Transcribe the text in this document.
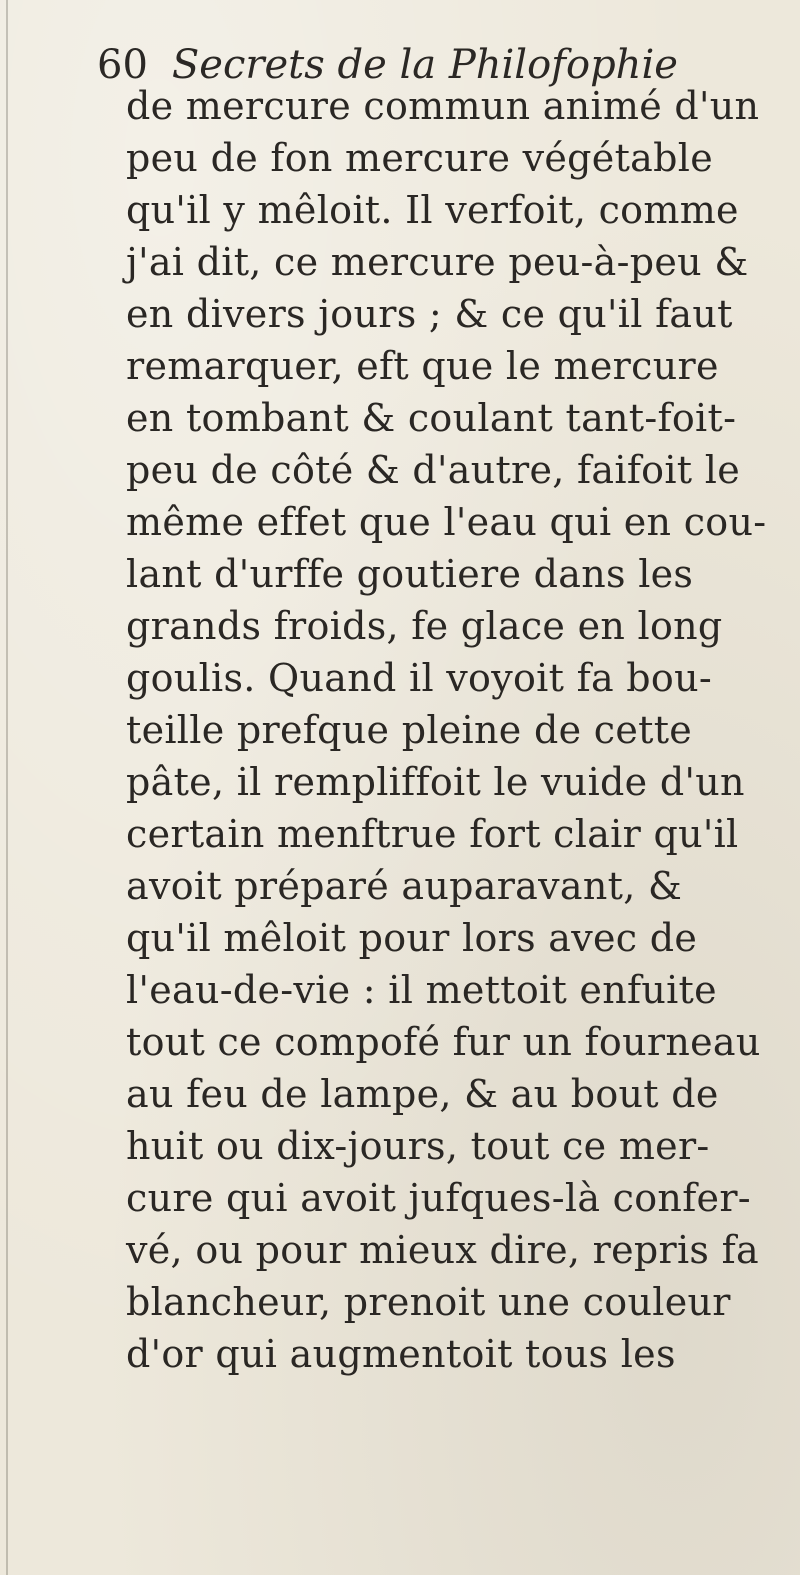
60 Secrets de la Philofophie
de mercure commun animé d'un
peu de fon mercure végétable
qu'il y mêloit. Il verfoit, comme
j'ai dit, ce mercure peu-à-peu &
en divers jours ; & ce qu'il faut
remarquer, eft que le mercure
en tombant & coulant tant-foit-
peu de côté & d'autre, faifoit le
même effet que l'eau qui en cou-
lant d'urffe goutiere dans les
grands froids, fe glace en long
goulis. Quand il voyoit fa bou-
teille prefque pleine de cette
pâte, il rempliffoit le vuide d'un
certain menftrue fort clair qu'il
avoit préparé auparavant, &
qu'il mêloit pour lors avec de
l'eau-de-vie : il mettoit enfuite
tout ce compofé fur un fourneau
au feu de lampe, & au bout de
huit ou dix-jours, tout ce mer-
cure qui avoit jufques-là confer-
vé, ou pour mieux dire, repris fa
blancheur, prenoit une couleur
d'or qui augmentoit tous les
